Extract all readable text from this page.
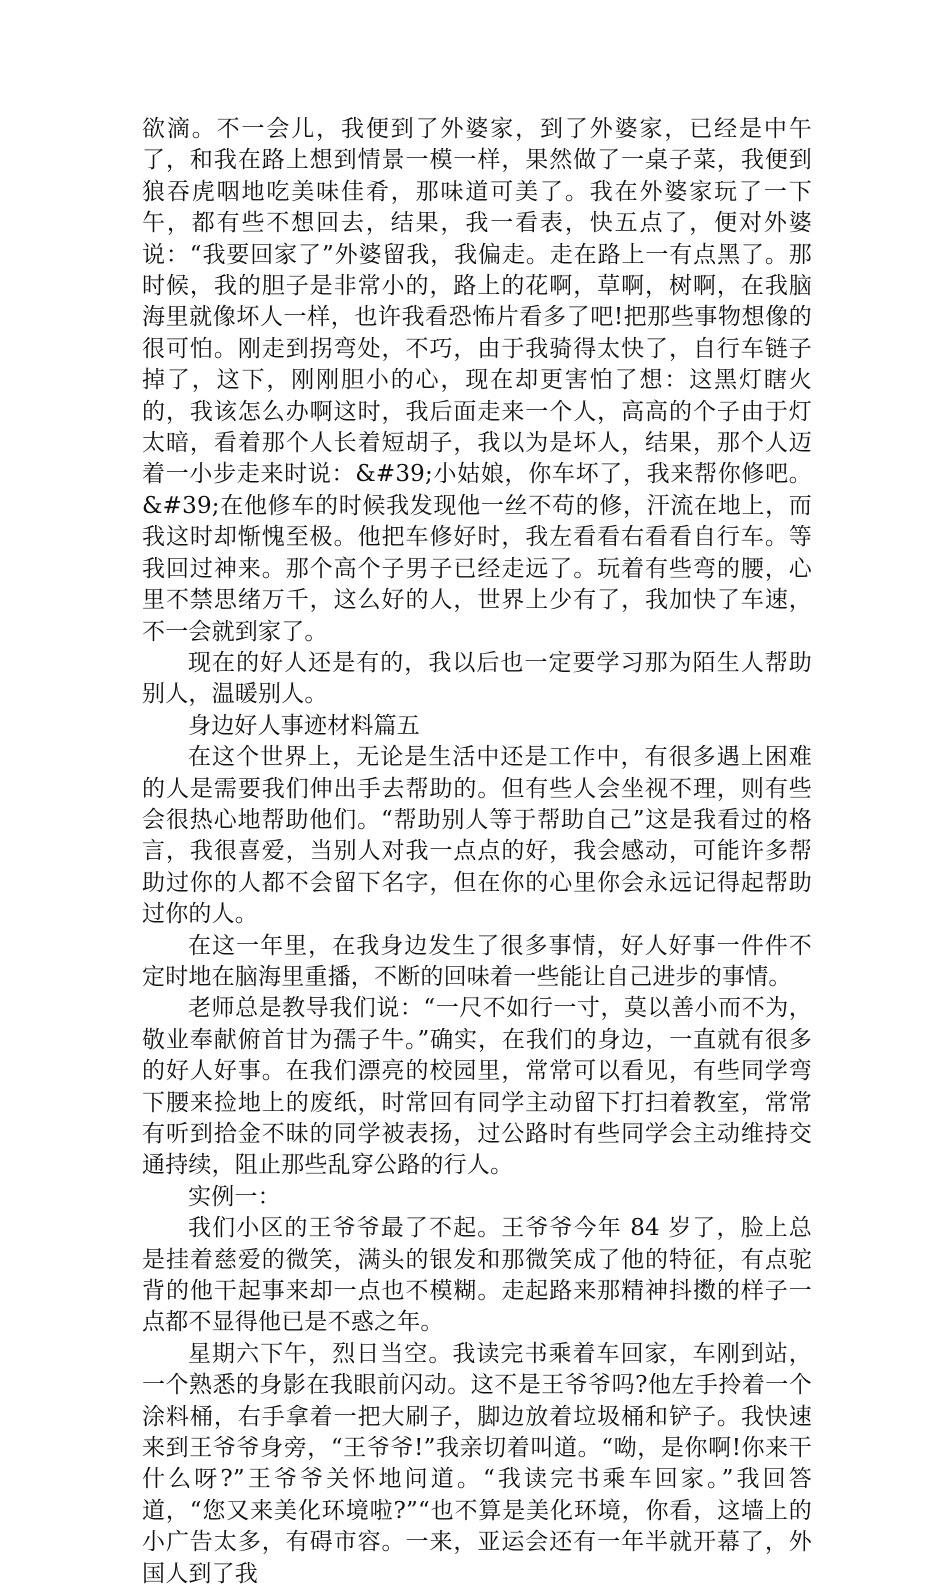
欲滴。不一会儿，我便到了外婆家，到了外婆家，已经是中午了，和我在路上想到情景一模一样，果然做了一桌子菜，我便到狼吞虎咽地吃美味佳肴，那味道可美了。我在外婆家玩了一下午，都有些不想回去，结果，我一看表，快五点了，便对外婆说：“我要回家了”外婆留我，我偏走。走在路上一有点黑了。那时候，我的胆子是非常小的，路上的花啊，草啊，树啊，在我脑海里就像坏人一样，也许我看恐怖片看多了吧!把那些事物想像的很可怕。刚走到拐弯处，不巧，由于我骑得太快了，自行车链子掉了，这下，刚刚胆小的心，现在却更害怕了想：这黑灯瞎火的，我该怎么办啊这时，我后面走来一个人，高高的个子由于灯太暗，看着那个人长着短胡子，我以为是坏人，结果，那个人迈着一小步走来时说：&#39;小姑娘，你车坏了，我来帮你修吧。&#39;在他修车的时候我发现他一丝不苟的修，汗流在地上，而我这时却惭愧至极。他把车修好时，我左看看右看看自行车。等我回过神来。那个高个子男子已经走远了。玩着有些弯的腰，心里不禁思绪万千，这么好的人，世界上少有了，我加快了车速，不一会就到家了。

现在的好人还是有的，我以后也一定要学习那为陌生人帮助别人，温暖别人。

身边好人事迹材料篇五

在这个世界上，无论是生活中还是工作中，有很多遇上困难的人是需要我们伸出手去帮助的。但有些人会坐视不理，则有些会很热心地帮助他们。“帮助别人等于帮助自己”这是我看过的格言，我很喜爱，当别人对我一点点的好，我会感动，可能许多帮助过你的人都不会留下名字，但在你的心里你会永远记得起帮助过你的人。

在这一年里，在我身边发生了很多事情，好人好事一件件不定时地在脑海里重播，不断的回味着一些能让自己进步的事情。

老师总是教导我们说：“一尺不如行一寸，莫以善小而不为，敬业奉献俯首甘为孺子牛。”确实，在我们的身边，一直就有很多的好人好事。在我们漂亮的校园里，常常可以看见，有些同学弯下腰来捡地上的废纸，时常回有同学主动留下打扫着教室，常常有听到拾金不昧的同学被表扬，过公路时有些同学会主动维持交通持续，阻止那些乱穿公路的行人。

实例一：

我们小区的王爷爷最了不起。王爷爷今年 84 岁了，脸上总是挂着慈爱的微笑，满头的银发和那微笑成了他的特征，有点驼背的他干起事来却一点也不模糊。走起路来那精神抖擞的样子一点都不显得他已是不惑之年。

星期六下午，烈日当空。我读完书乘着车回家，车刚到站，一个熟悉的身影在我眼前闪动。这不是王爷爷吗?他左手拎着一个涂料桶，右手拿着一把大刷子，脚边放着垃圾桶和铲子。我快速来到王爷爷身旁，“王爷爷!”我亲切着叫道。“呦，是你啊!你来干什么呀?”王爷爷关怀地问道。“我读完书乘车回家。”我回答道，“您又来美化环境啦?”“也不算是美化环境，你看，这墙上的小广告太多，有碍市容。一来，亚运会还有一年半就开幕了，外国人到了我
